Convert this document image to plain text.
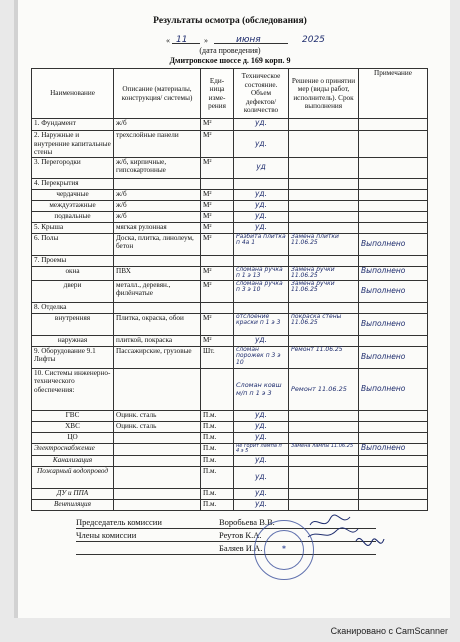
Результаты осмотра (обследования)
« 11 »	июня	2025
(дата проведения)
Дмитровское шоссе д. 169 корп. 9
Наименование	Описание (материалы, конструкция/ системы)	Еди-ница изме-рения	Техническое состояние. Объем дефектов/ количество	Решение о принятии мер (виды работ, исполнитель). Срок выполнения	Примечание
1. Фундамент	ж/б	М²	уд.		
2. Наружные и внутренние капитальные стены	трехслойные панели	М²	уд.		
3. Перегородки	ж/б, кирпичные, гипсокартонные	М²	уд		
4. Перекрытия					
чердачные	ж/б	М²	уд.		
междуэтажные	ж/б	М²	уд.		
подвальные	ж/б	М²	уд.		
5. Крыша	мягкая рулонная	М²	уд.		
6. Полы	Доска, плитка, линолеум, бетон	М²	Разбита плитка п 4а 1	Замена плитки 11.06.25	Выполнено
7. Проемы					
окна	ПВХ	М²	сломана ручка п 1 э 13	Замена ручки 11.06.25	Выполнено
двери	металл., деревян., филёнчатые	М²	сломана ручка п 3 э 10	Замена ручки 11.06.25	Выполнено
8. Отделка					
внутренняя	Плитка, окраска, обои	М²	отслоение краски п 1 э 3	покраска стены 11.06.25	Выполнено
наружная	плиткой, покраска	М²	уд.		
9. Оборудование 9.1 Лифты	Пассажирские, грузовые	Шт.	сломан порожек п 3 э 10	Ремонт 11.06.25	Выполнено
10. Системы инженерно-технического обеспечения:			Сломан ковш м/п п 1 э 3	Ремонт 11.06.25	Выполнено
ГВС	Оцинк. сталь	П.м.	уд.		
ХВС	Оцинк. сталь	П.м.	уд.		
ЦО		П.м.	уд.		
Электроснабжение		П.м.	не горит лампа п 4 э 5	Замена лампы 11.06.25	Выполнено
Канализация		П.м.	уд.		
Пожарный водопровод		П.м.	уд.		
ДУ и ППА		П.м.	уд.		
Вентиляция		П.м.	уд.		
Председатель комиссии	Воробьева В.В.
Члены комиссии	Реутов К.А.
Баляев И.А.	✱
Сканировано с CamScanner
